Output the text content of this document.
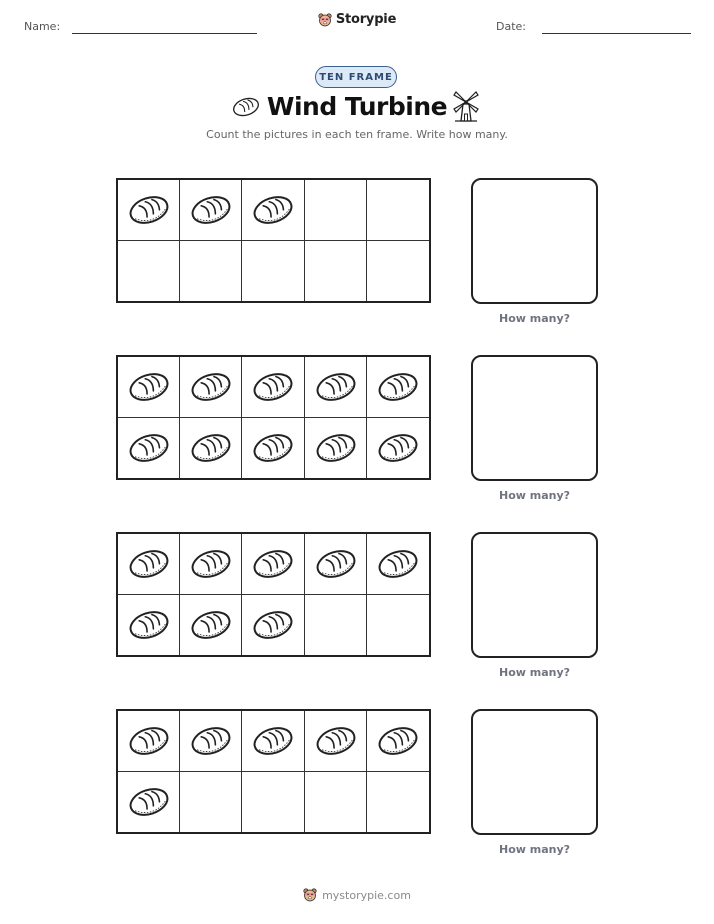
Name:	Storypie	Date:
TEN FRAME
Wind Turbine
Count the pictures in each ten frame. Write how many.
How many?
How many?
How many?
How many?
mystorypie.com
